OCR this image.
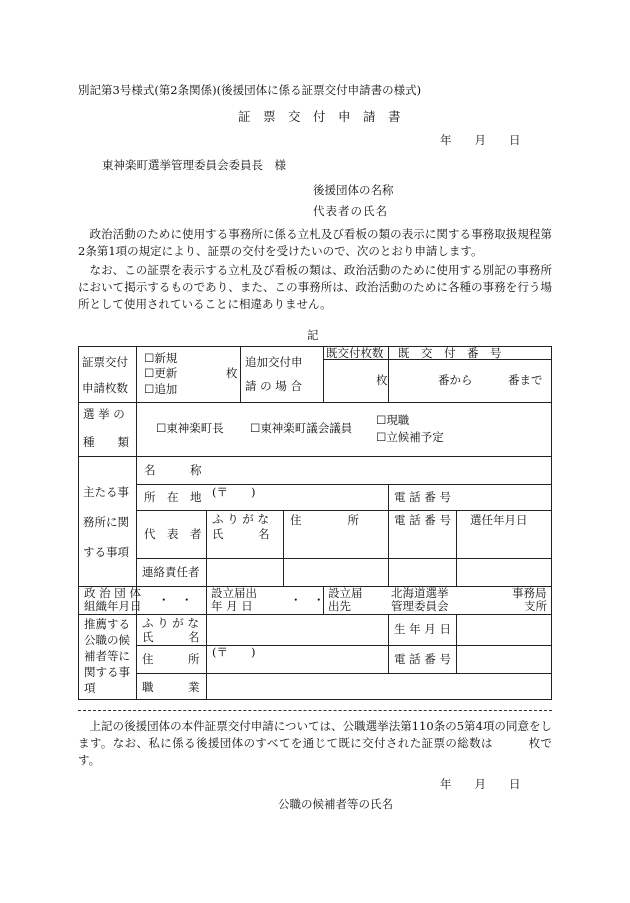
別記第3号様式(第2条関係)(後援団体に係る証票交付申請書の様式)
証　票　交　付　申　請　書
年　　月　　日
東神楽町選挙管理委員会委員長　様
後援団体の名称
代表者の氏名
　政治活動のために使用する事務所に係る立札及び看板の類の表示に関する事務取扱規程第2条第1項の規定により、証票の交付を受けたいので、次のとおり申請します。
　なお、この証票を表示する立札及び看板の類は、政治活動のために使用する別記の事務所において掲示するものであり、また、この事務所は、政治活動のために各種の事務を行う場所として使用されていることに相違ありません。
記
証票交付
申請枚数
☐ 新規
☐ 更新
☐ 追加
枚
追加交付申
請 の 場 合
既交付枚数 既　交　付　番　号
枚	番から	番まで
選 挙 の
種　　類
☐ 東神楽町長
☐	東神楽町議会議員
☐ 現職
☐ 立候補予定
主たる事
務所に関
する事項
名　　　称
所　在　地 (〒　　)	電 話 番 号
代　表　者
ふ り が な
氏　　　名
住　　　　所	電 話 番 号 選任年月日
連絡責任者
政 治 団 体
組織年月日 ・　・ 設立届出
年 月 日	・　・ 設立届
出先
北海道選挙
管理委員会
事務局
支所
推薦する
公職の候
補者等に
関する事
項
ふ り が な
氏　　　名
生 年 月 日
住　　　所 (〒　　)	電 話 番 号
職　　　業
　上記の後援団体の本件証票交付申請については、公職選挙法第110条の5第4項の同意をします。なお、私に係る後援団体のすべてを通じて既に交付された証票の総数は　　　枚です。
年　　月　　日
公職の候補者等の氏名
